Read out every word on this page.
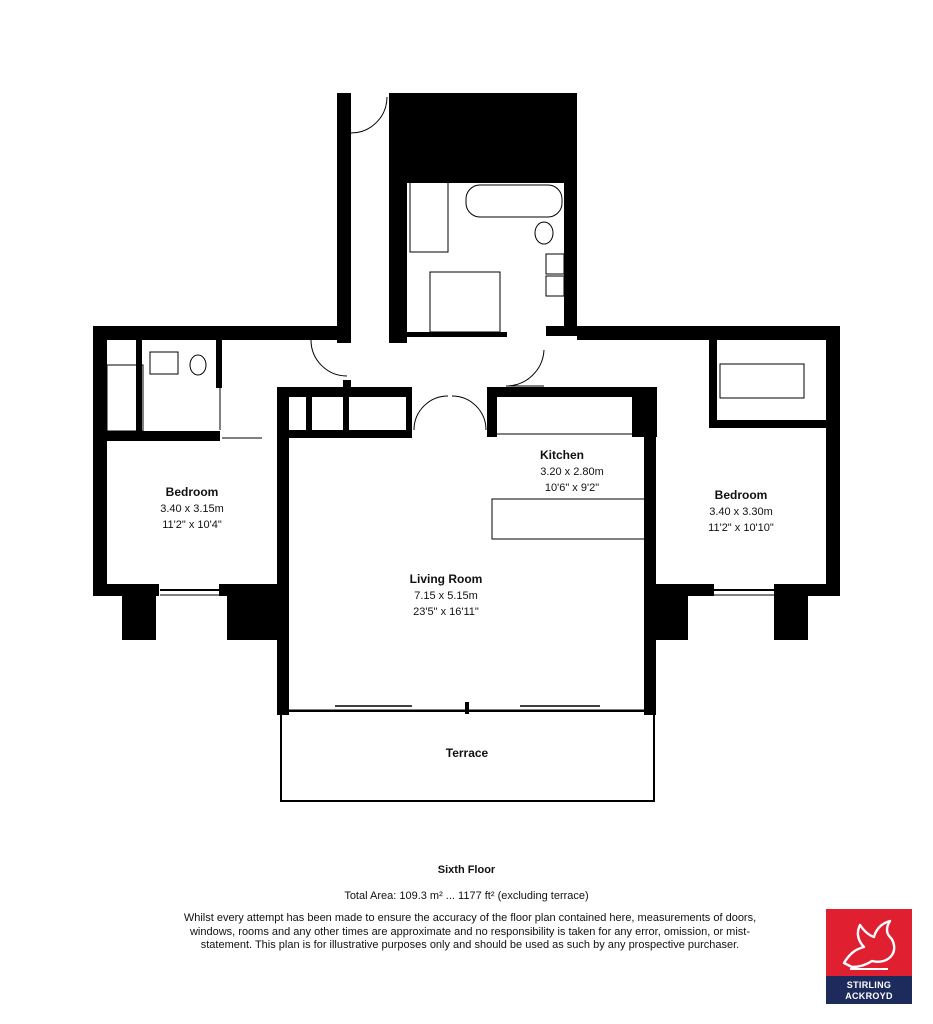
Kitchen
3.20 x 2.80m
10'6" x 9'2"
Bedroom
3.40 x 3.15m
11'2" x 10'4"
Bedroom
3.40 x 3.30m
11'2" x 10'10"
Living Room
7.15 x 5.15m
23'5" x 16'11"
Terrace
Sixth Floor
Total Area: 109.3 m² ... 1177 ft² (excluding terrace)
Whilst every attempt has been made to ensure the accuracy of the floor plan contained here, measurements of doors, windows, rooms and any other times are approximate and no responsibility is taken for any error, omission, or mist-statement. This plan is for illustrative purposes only and should be used as such by any prospective purchaser.
STIRLING
ACKROYD
